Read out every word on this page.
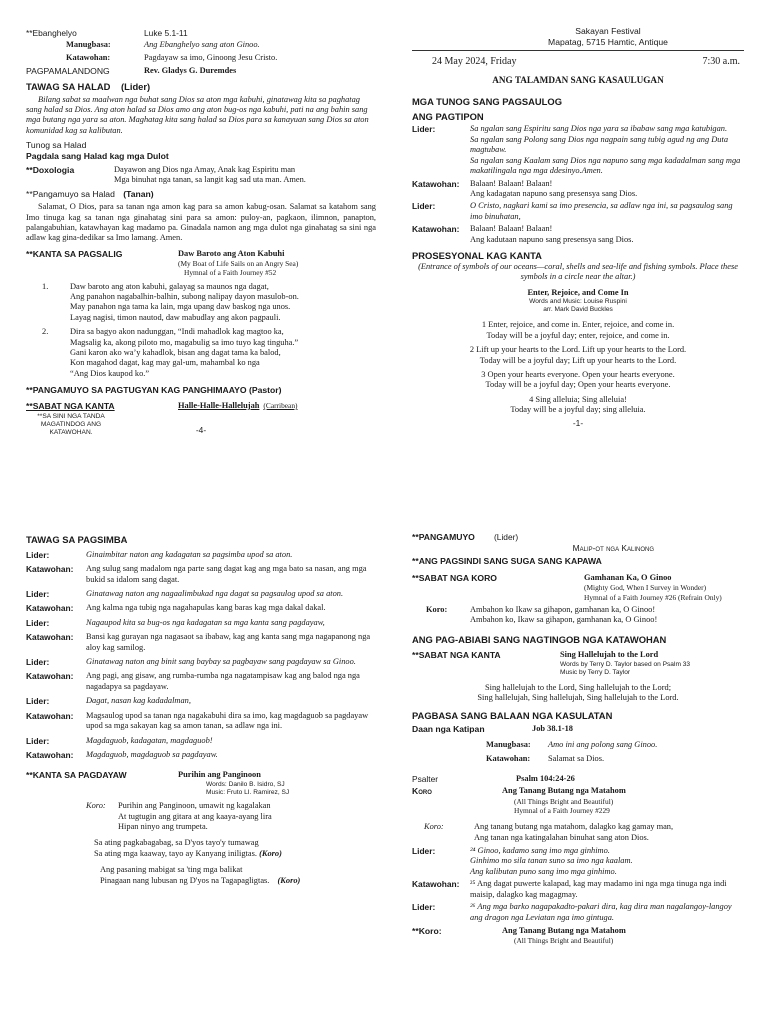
**Ebanghelyo	Luke 5.1-11
Manugbasa:	Ang Ebanghelyo sang aton Ginoo.
Katawohan:	Pagdayaw sa imo, Ginoong Jesu Cristo.
PAGPAMALANDONG	Rev. Gladys G. Duremdes
TAWAG SA HALAD (Lider)
Bilang sabat sa maalwan nga buhat sang Dios sa aton mga kabuhi, ginatawag kita sa paghatag sang halad sa Dios. Ang aton halad sa Dios amo ang aton bug-os nga kabuhi, pati na ang bahin sang mga butang nga yara sa aton. Maghatag kita sang halad sa Dios para sa kanayuan sang Dios sa aton komunidad kag sa kalibutan.
Tunog sa Halad
Pagdala sang Halad kag mga Dulot
**Doxologia	Dayawon ang Dios nga Amay, Anak kag Espiritu man
Mga binuhat nga tanan, sa langit kag sad uta man. Amen.
**Pangamuyo sa Halad (Tanan)
Salamat, O Dios, para sa tanan nga amon kag para sa amon kabug-osan. Salamat sa katahom sang Imo tinuga kag sa tanan nga ginahatag sini para sa amon: puloy-an, pagkaon, ilimnon, panapton, palangabuhian, katawhayan kag madamo pa. Ginadala namon ang mga dulot nga ginahatag sa sini nga adlaw kag gina-dedikar sa Imo lamang. Amen.
**KANTA SA PAGSALIG	Daw Baroto ang Aton Kabuhi
(My Boat of Life Sails on an Angry Sea)
Hymnal of a Faith Journey #52
1.	Daw baroto ang aton kabuhi, galayag sa maunos nga dagat,
Ang panahon nagabalhin-balhin, subong nalipay dayon masulob-on.
May panahon nga tama ka lain, mga upang daw baskog nga unos.
Layag nagisi, timon nautod, daw mabudlay ang akon pagpauli.
2.	Dira sa bagyo akon nadunggan, “Indi mahadlok kag magtoo ka,
Magsalig ka, akong piloto mo, magabulig sa imo tuyo kag tinguha.”
Gani karon ako wa’y kahadlok, bisan ang dagat tama ka balod,
Kon magahod dagat, kag may gal-um, mahambal ko nga
“Ang Dios kaupod ko.”
**PANGAMUYO SA PAGTUGYAN KAG PANGHIMAAYO (Pastor)
**SABAT NGA KANTA	Halle-Halle-Hallelujah (Carribean)
**SA SINI NGA TANDA
MAGATINDOG ANG
KATAWOHAN.	-4-
Sakayan Festival
Mapatag, 5715 Hamtic, Antique
24 May 2024, Friday	7:30 a.m.
ANG TALAMDAN SANG KASAULUGAN
MGA TUNOG SANG PAGSAULOG
ANG PAGTIPON
Lider:	Sa ngalan sang Espiritu sang Dios nga yara sa ibabaw sang mga katubigan.
Sa ngalan sang Polong sang Dios nga nagpain sang tubig agud ng ang Duta magtubaw.
Sa ngalan sang Kaalam sang Dios nga napuno sang mga kadadalman sang mga makatilingala nga mga ddesinyo.Amen.
Katawohan:	Balaan! Balaan! Balaan!
Ang kadagatan napuno sang presensya sang Dios.
Lider:	O Cristo, nagkari kami sa imo presencia, sa adlaw nga ini, sa pagsaulog sang imo binuhatan,
Katawohan:	Balaan! Balaan! Balaan!
Ang kadutaan napuno sang presensya sang Dios.
PROSESYONAL KAG KANTA
(Entrance of symbols of our oceans—coral, shells and sea-life and fishing symbols. Place these symbols in a circle near the altar.)
Enter, Rejoice, and Come In
Words and Music: Louise Ruspini
arr. Mark David Buckles
1 Enter, rejoice, and come in. Enter, rejoice, and come in.
Today will be a joyful day; enter, rejoice, and come in.
2 Lift up your hearts to the Lord. Lift up your hearts to the Lord.
Today will be a joyful day; Lift up your hearts to the Lord.
3 Open your hearts everyone. Open your hearts everyone.
Today will be a joyful day; Open your hearts everyone.
4 Sing alleluia; Sing alleluia!
Today will be a joyful day; sing alleluia.
-1-
TAWAG SA PAGSIMBA
Lider:	Ginaimbitar naton ang kadagatan sa pagsimba upod sa aton.
Katawohan:	Ang sulug sang madalom nga parte sang dagat kag ang mga bato sa nasan, ang mga bukid sa idalom sang dagat.
Lider:	Ginatawag naton ang nagaalimbukad nga dagat sa pagsaulog upod sa aton.
Katawohan:	Ang kalma nga tubig nga nagahapulas kang baras kag mga dakal dakal.
Lider:	Nagaupod kita sa bug-os nga kadagatan sa mga kanta sang pagdayaw,
Katawohan:	Bansi kag gurayan nga nagasaot sa ibabaw, kag ang kanta sang mga nagapanong nga aloy kag samilog.
Lider:	Ginatawag naton ang binit sang baybay sa pagbayaw sang pagdayaw sa Ginoo.
Katawohan:	Ang pagi, ang gisaw, ang rumba-rumba nga nagatampisaw kag ang balod nga nga nagadapya sa pagdayaw.
Lider:	Dagat, nasan kag kadadalman,
Katawohan:	Magsaulog upod sa tanan nga nagakabuhi dira sa imo, kag magdaguob sa pagdayaw upod sa mga sakayan kag sa amon tanan, sa adlaw nga ini.
Lider:	Magdaguob, kadagatan, magdaguob!
Katawohan:	Magdaguob, magdaguob sa pagdayaw.
**KANTA SA PAGDAYAW	Purihin ang Panginoon
Words: Danilo B. Isidro, SJ
Music: Fruto LI. Ramirez, SJ
Koro:	Purihin ang Panginoon, umawit ng kagalakan
At tugtugin ang gitara at ang kaaya-ayang lira
Hipan ninyo ang trumpeta.
Sa ating pagkabagabag, sa D'yos tayo'y tumawag
Sa ating mga kaaway, tayo ay Kanyang iniligtas. (Koro)
Ang pasaning mabigat sa 'ting mga balikat
Pinagaan nang lubusan ng D'yos na Tagapagligtas. (Koro)
**PANGAMUYO	(Lider)
Malip-ot nga Kalinong
**ANG PAGSINDI SANG SUGA SANG KAPAWA
**SABAT NGA KORO	Gamhanan Ka, O Ginoo
(Mighty God, When I Survey in Wonder)
Hymnal of a Faith Journey #26 (Refrain Only)
Koro:	Ambahon ko Ikaw sa gihapon, gamhanan ka, O Ginoo!
Ambahon ko, Ikaw sa gihapon, gamhanan ka, O Ginoo!
ANG PAG-ABIABI SANG NAGTINGOB NGA KATAWOHAN
**SABAT NGA KANTA	Sing Hallelujah to the Lord
Words by Terry D. Taylor based on Psalm 33
Music by Terry D. Taylor
Sing hallelujah to the Lord, Sing hallelujah to the Lord;
Sing hallelujah, Sing hallelujah, Sing hallelujah to the Lord.
PAGBASA SANG BALAAN NGA KASULATAN
Daan nga Katipan	Job 38.1-18
Manugbasa:	Amo ini ang polong sang Ginoo.
Katawohan:	Salamat sa Dios.
Psalter	Psalm 104:24-26
Koro	Ang Tanang Butang nga Matahom
(All Things Bright and Beautiful)
Hymnal of a Faith Journey #229
Koro:	Ang tanang butang nga matahom, dalagko kag gamay man,
Ang tanan nga katingalahan binuhat sang aton Dios.
Lider:	²⁴ Ginoo, kadamo sang imo mga ginhimo.
Ginhimo mo sila tanan suno sa imo nga kaalam.
Ang kalibutan puno sang imo mga ginhimo.
Katawohan:	²⁵ Ang dagat puwerte kalapad, kag may madamo ini nga mga tinuga nga indi maisip, dalagko kag magagmay.
Lider:	²⁶ Ang mga barko nagapakadto-pakari dira, kag dira man nagalangoy-langoy ang dragon nga Leviatan nga imo gintuga.
**Koro:	Ang Tanang Butang nga Matahom
(All Things Bright and Beautiful)
